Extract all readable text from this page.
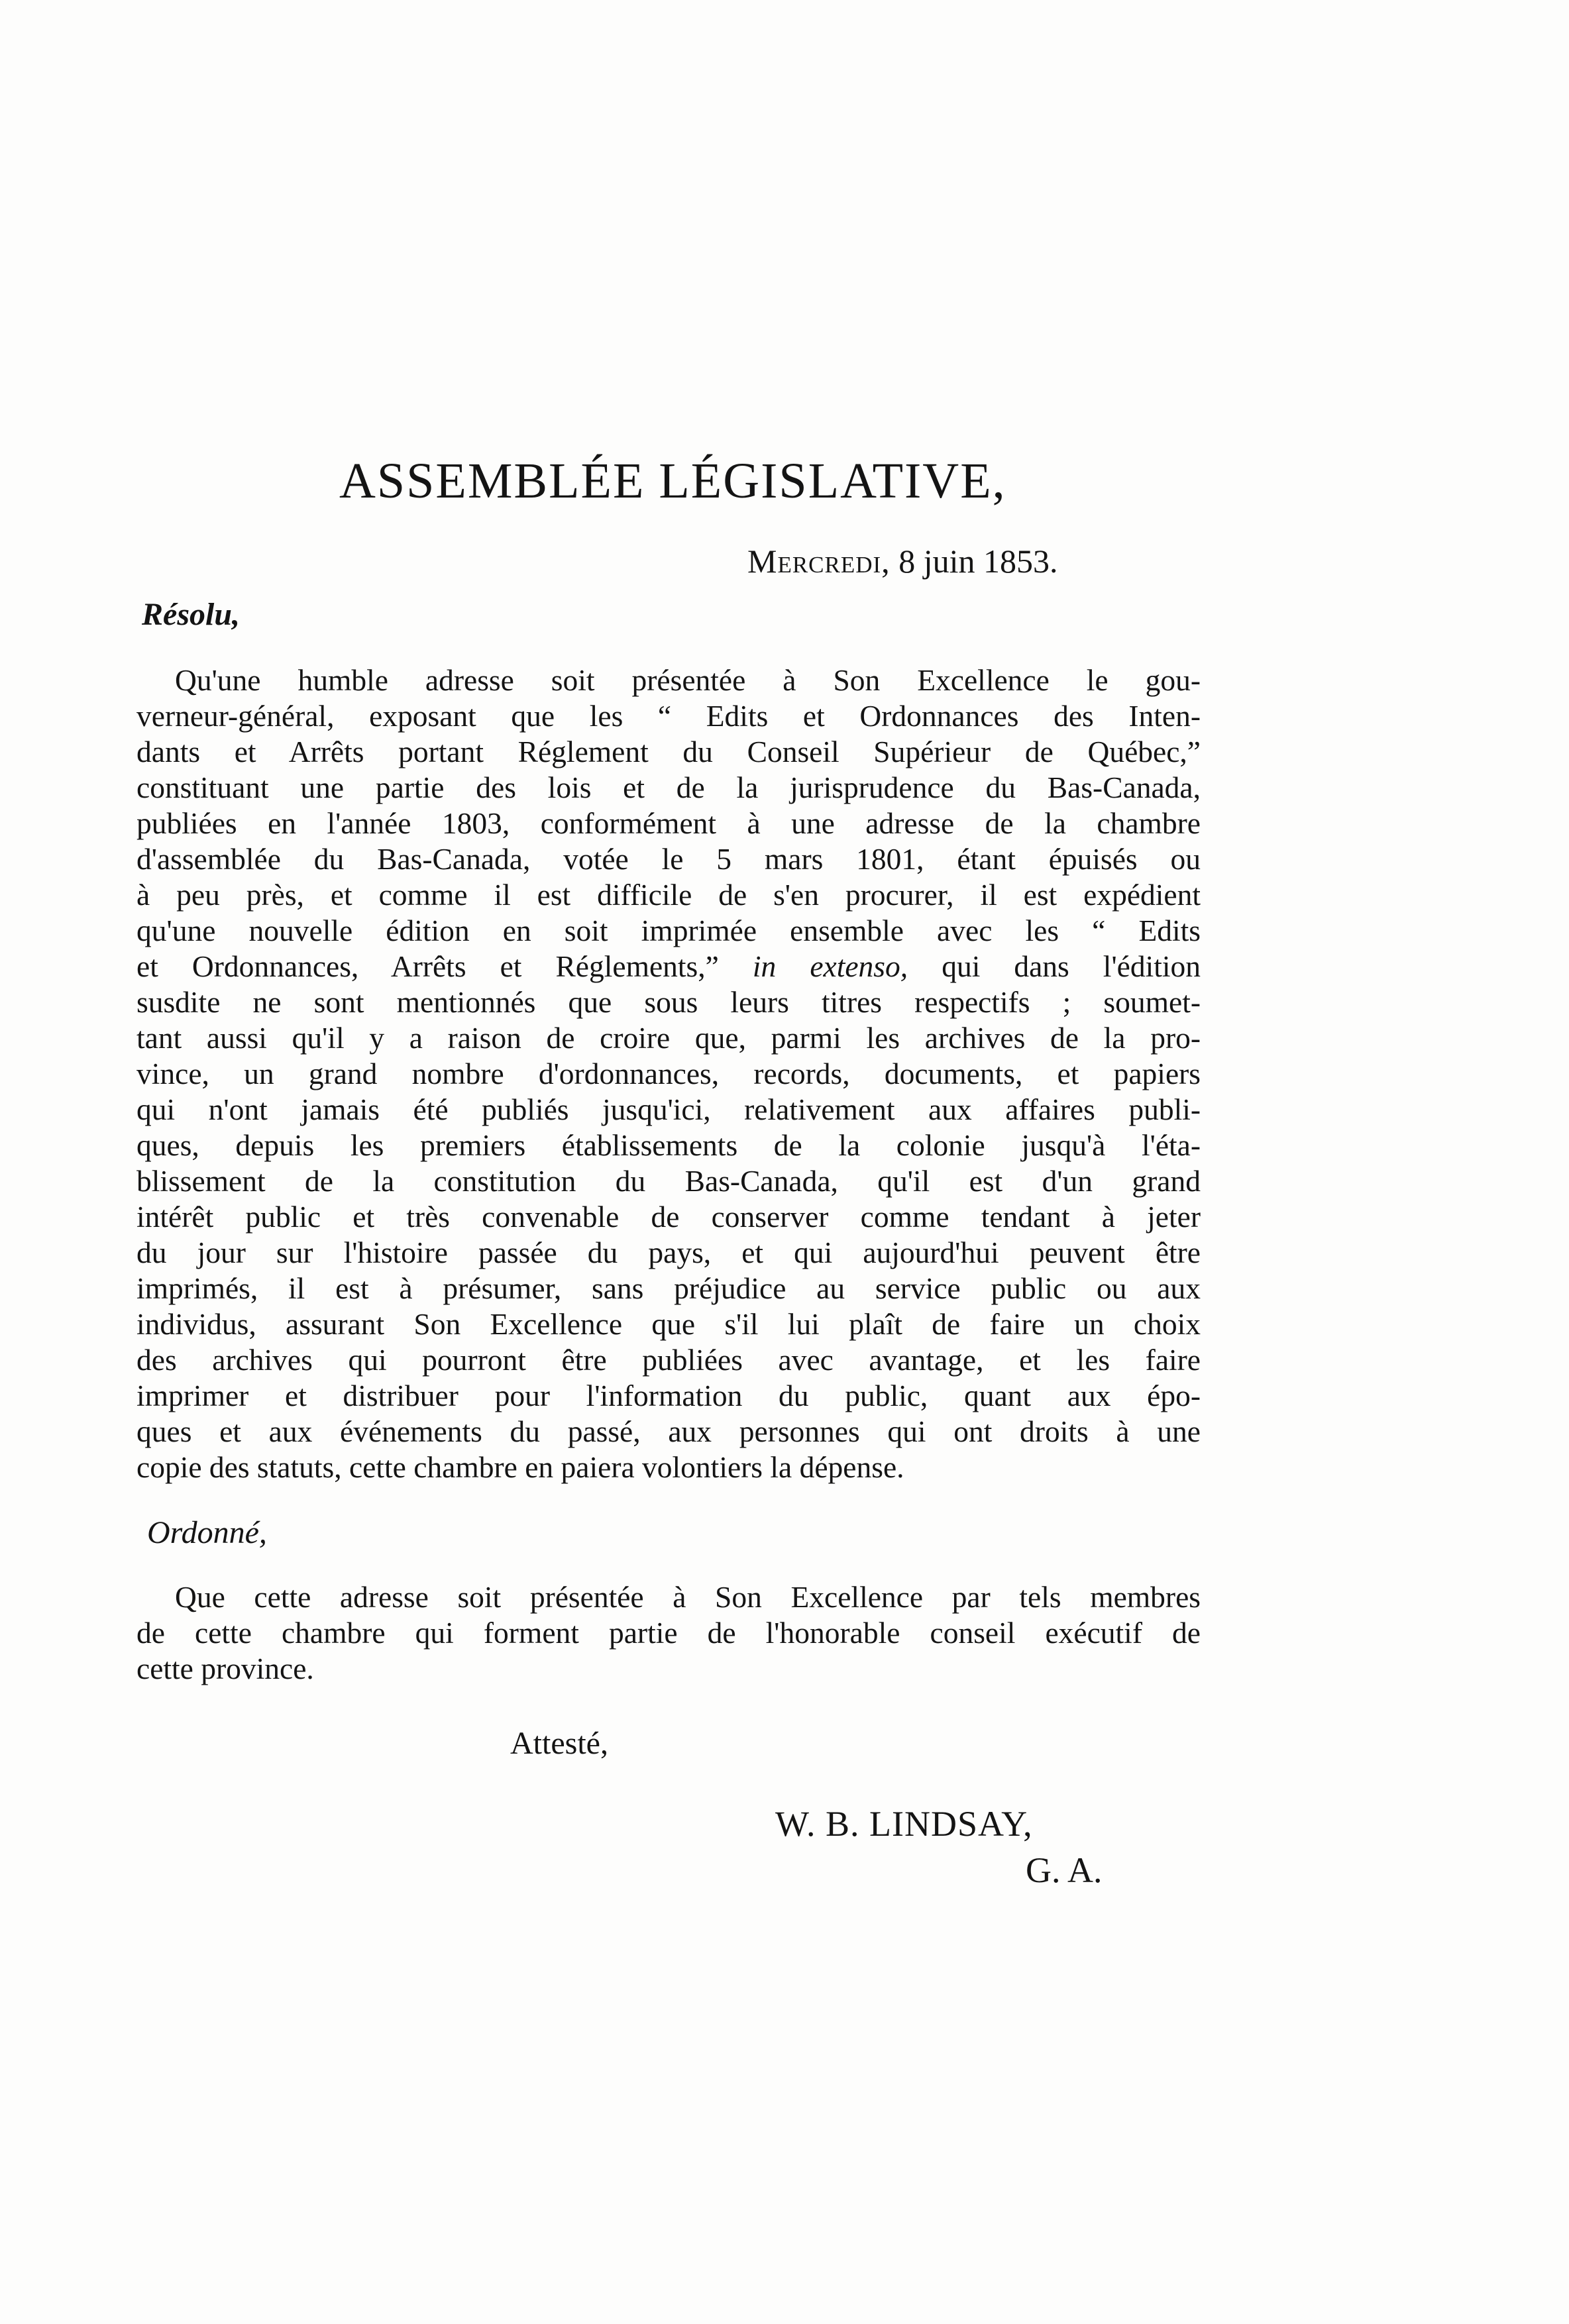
ASSEMBLÉE LÉGISLATIVE,
Mercredi, 8 juin 1853.
Résolu,
Qu'une humble adresse soit présentée à Son Excellence le gou-
verneur-général, exposant que les “ Edits et Ordonnances des Inten-
dants et Arrêts portant Réglement du Conseil Supérieur de Québec,”
constituant une partie des lois et de la jurisprudence du Bas-Canada,
publiées en l'année 1803, conformément à une adresse de la chambre
d'assemblée du Bas-Canada, votée le 5 mars 1801, étant épuisés ou
à peu près, et comme il est difficile de s'en procurer, il est expédient
qu'une nouvelle édition en soit imprimée ensemble avec les “ Edits
et Ordonnances, Arrêts et Réglements,” in extenso, qui dans l'édition
susdite ne sont mentionnés que sous leurs titres respectifs ; soumet-
tant aussi qu'il y a raison de croire que, parmi les archives de la pro-
vince, un grand nombre d'ordonnances, records, documents, et papiers
qui n'ont jamais été publiés jusqu'ici, relativement aux affaires publi-
ques, depuis les premiers établissements de la colonie jusqu'à l'éta-
blissement de la constitution du Bas-Canada, qu'il est d'un grand
intérêt public et très convenable de conserver comme tendant à jeter
du jour sur l'histoire passée du pays, et qui aujourd'hui peuvent être
imprimés, il est à présumer, sans préjudice au service public ou aux
individus, assurant Son Excellence que s'il lui plaît de faire un choix
des archives qui pourront être publiées avec avantage, et les faire
imprimer et distribuer pour l'information du public, quant aux épo-
ques et aux événements du passé, aux personnes qui ont droits à une
copie des statuts, cette chambre en paiera volontiers la dépense.
Ordonné,
Que cette adresse soit présentée à Son Excellence par tels membres
de cette chambre qui forment partie de l'honorable conseil exécutif de
cette province.
Attesté,
W. B. LINDSAY,
G. A.
